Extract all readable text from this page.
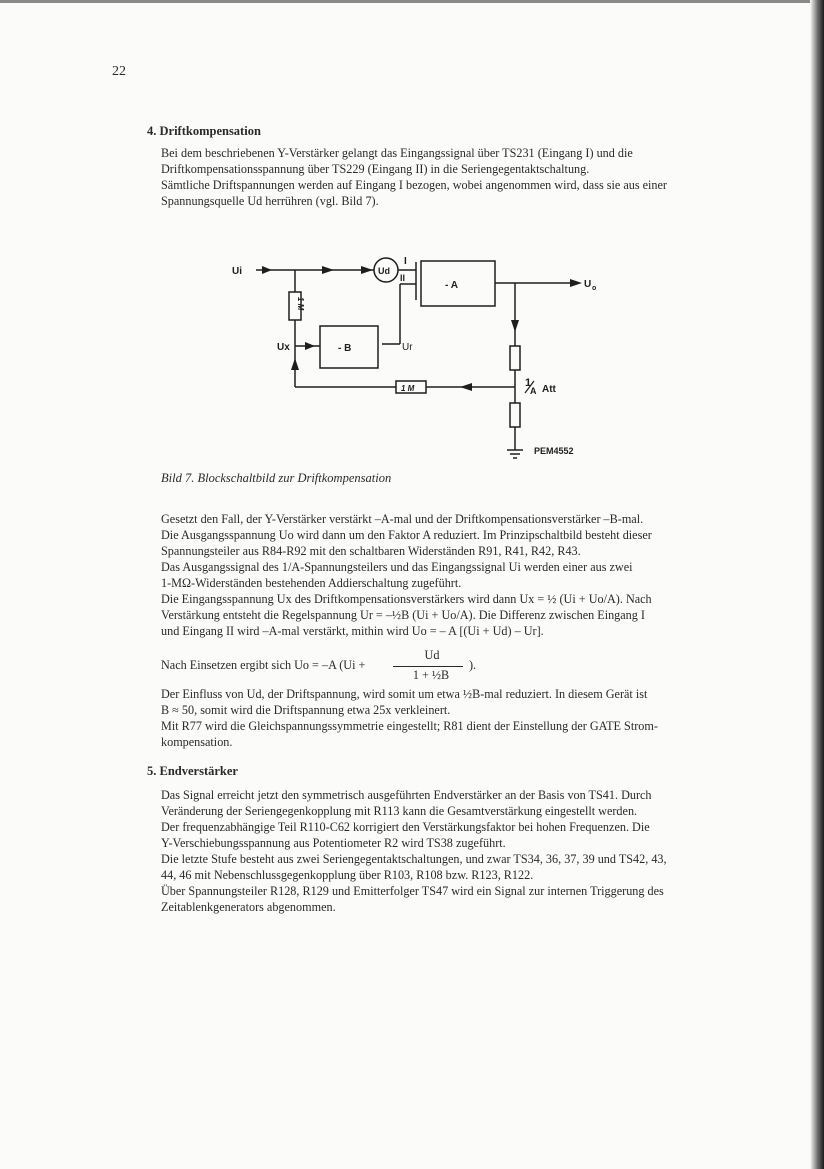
22
4. Driftkompensation
Bei dem beschriebenen Y-Verstärker gelangt das Eingangssignal über TS231 (Eingang I) und die
Driftkompensationsspannung über TS229 (Eingang II) in die Seriengegentaktschaltung.
Sämtliche Driftspannungen werden auf Eingang I bezogen, wobei angenommen wird, dass sie aus einer
Spannungsquelle Ud herrühren (vgl. Bild 7).
Ui	Ud
I
II
- A
- B
U o
Ux	Ur
1 M
1 M
1
A Att
PEM4552
Bild 7. Blockschaltbild zur Driftkompensation
Gesetzt den Fall, der Y-Verstärker verstärkt –A-mal und der Driftkompensationsverstärker –B-mal.
Die Ausgangsspannung Uo wird dann um den Faktor A reduziert. Im Prinzipschaltbild besteht dieser
Spannungsteiler aus R84-R92 mit den schaltbaren Widerständen R91, R41, R42, R43.
Das Ausgangssignal des 1/A-Spannungsteilers und das Eingangssignal Ui werden einer aus zwei
1-MΩ-Widerständen bestehenden Addierschaltung zugeführt.
Die Eingangsspannung Ux des Driftkompensationsverstärkers wird dann Ux = ½ (Ui + Uo/A). Nach
Verstärkung entsteht die Regelspannung Ur = –½B (Ui + Uo/A). Die Differenz zwischen Eingang I
und Eingang II wird –A-mal verstärkt, mithin wird Uo = – A [(Ui + Ud) – Ur].
Nach Einsetzen ergibt sich Uo = –A (Ui +
Ud
1 + ½B
).
Der Einfluss von Ud, der Driftspannung, wird somit um etwa ½B-mal reduziert. In diesem Gerät ist
B ≈ 50, somit wird die Driftspannung etwa 25x verkleinert.
Mit R77 wird die Gleichspannungssymmetrie eingestellt; R81 dient der Einstellung der GATE Strom-
kompensation.
5. Endverstärker
Das Signal erreicht jetzt den symmetrisch ausgeführten Endverstärker an der Basis von TS41. Durch
Veränderung der Seriengegenkopplung mit R113 kann die Gesamtverstärkung eingestellt werden.
Der frequenzabhängige Teil R110-C62 korrigiert den Verstärkungsfaktor bei hohen Frequenzen. Die
Y-Verschiebungsspannung aus Potentiometer R2 wird TS38 zugeführt.
Die letzte Stufe besteht aus zwei Seriengegentaktschaltungen, und zwar TS34, 36, 37, 39 und TS42, 43,
44, 46 mit Nebenschlussgegenkopplung über R103, R108 bzw. R123, R122.
Über Spannungsteiler R128, R129 und Emitterfolger TS47 wird ein Signal zur internen Triggerung des
Zeitablenkgenerators abgenommen.
